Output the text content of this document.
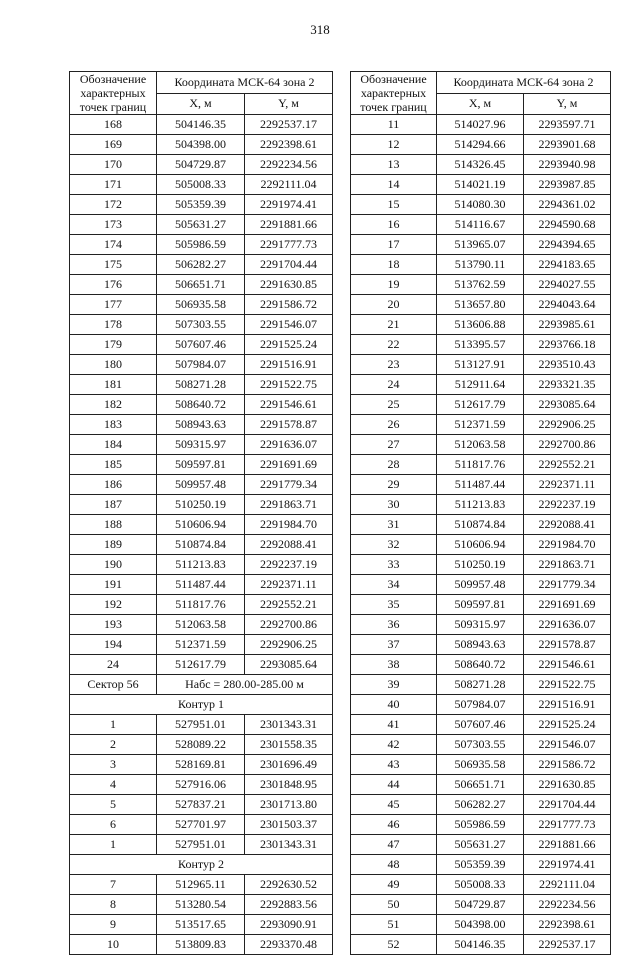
318
Обозначение характерных точек границ	Координата МСК-64 зона 2	
	X, м	Y, м
168	504146.35	2292537.17
169	504398.00	2292398.61
170	504729.87	2292234.56
171	505008.33	2292111.04
172	505359.39	2291974.41
173	505631.27	2291881.66
174	505986.59	2291777.73
175	506282.27	2291704.44
176	506651.71	2291630.85
177	506935.58	2291586.72
178	507303.55	2291546.07
179	507607.46	2291525.24
180	507984.07	2291516.91
181	508271.28	2291522.75
182	508640.72	2291546.61
183	508943.63	2291578.87
184	509315.97	2291636.07
185	509597.81	2291691.69
186	509957.48	2291779.34
187	510250.19	2291863.71
188	510606.94	2291984.70
189	510874.84	2292088.41
190	511213.83	2292237.19
191	511487.44	2292371.11
192	511817.76	2292552.21
193	512063.58	2292700.86
194	512371.59	2292906.25
24	512617.79	2293085.64
Сектор 56	Набс = 280.00-285.00 м	
Контур 1		
1	527951.01	2301343.31
2	528089.22	2301558.35
3	528169.81	2301696.49
4	527916.06	2301848.95
5	527837.21	2301713.80
6	527701.97	2301503.37
1	527951.01	2301343.31
Контур 2		
7	512965.11	2292630.52
8	513280.54	2292883.56
9	513517.65	2293090.91
10	513809.83	2293370.48
Обозначение характерных точек границ	Координата МСК-64 зона 2	
	X, м	Y, м
11	514027.96	2293597.71
12	514294.66	2293901.68
13	514326.45	2293940.98
14	514021.19	2293987.85
15	514080.30	2294361.02
16	514116.67	2294590.68
17	513965.07	2294394.65
18	513790.11	2294183.65
19	513762.59	2294027.55
20	513657.80	2294043.64
21	513606.88	2293985.61
22	513395.57	2293766.18
23	513127.91	2293510.43
24	512911.64	2293321.35
25	512617.79	2293085.64
26	512371.59	2292906.25
27	512063.58	2292700.86
28	511817.76	2292552.21
29	511487.44	2292371.11
30	511213.83	2292237.19
31	510874.84	2292088.41
32	510606.94	2291984.70
33	510250.19	2291863.71
34	509957.48	2291779.34
35	509597.81	2291691.69
36	509315.97	2291636.07
37	508943.63	2291578.87
38	508640.72	2291546.61
39	508271.28	2291522.75
40	507984.07	2291516.91
41	507607.46	2291525.24
42	507303.55	2291546.07
43	506935.58	2291586.72
44	506651.71	2291630.85
45	506282.27	2291704.44
46	505986.59	2291777.73
47	505631.27	2291881.66
48	505359.39	2291974.41
49	505008.33	2292111.04
50	504729.87	2292234.56
51	504398.00	2292398.61
52	504146.35	2292537.17
